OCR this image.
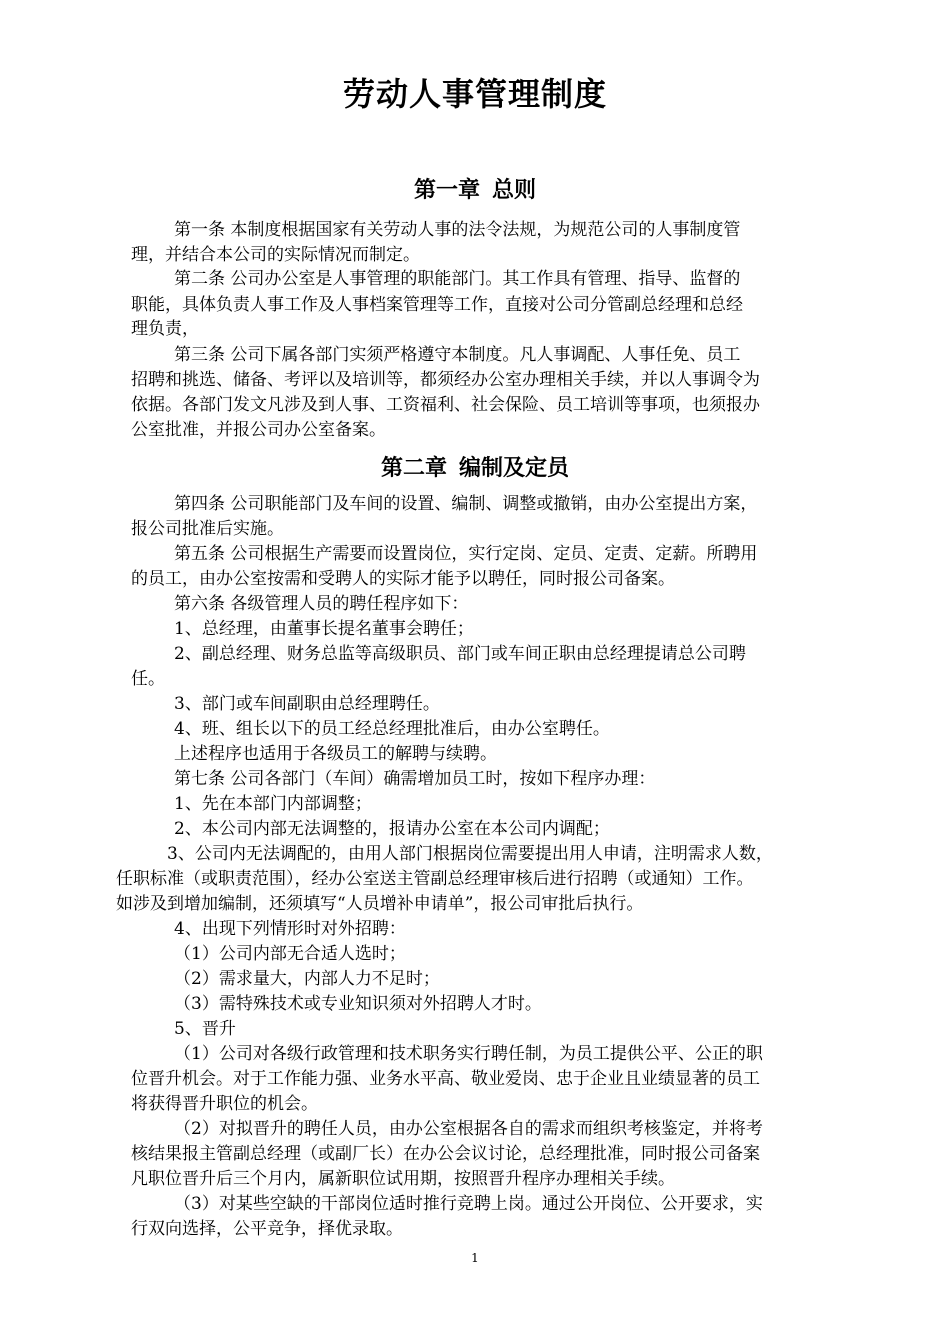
劳动人事管理制度
第一章 总则
第一条 本制度根据国家有关劳动人事的法令法规，为规范公司的人事制度管
理，并结合本公司的实际情况而制定。
第二条 公司办公室是人事管理的职能部门。其工作具有管理、指导、监督的
职能，具体负责人事工作及人事档案管理等工作，直接对公司分管副总经理和总经
理负责，
第三条 公司下属各部门实须严格遵守本制度。凡人事调配、人事任免、员工
招聘和挑选、储备、考评以及培训等，都须经办公室办理相关手续，并以人事调令为
依据。各部门发文凡涉及到人事、工资福利、社会保险、员工培训等事项，也须报办
公室批准，并报公司办公室备案。
第二章 编制及定员
第四条 公司职能部门及车间的设置、编制、调整或撤销，由办公室提出方案，
报公司批准后实施。
第五条 公司根据生产需要而设置岗位，实行定岗、定员、定责、定薪。所聘用
的员工，由办公室按需和受聘人的实际才能予以聘任，同时报公司备案。
第六条 各级管理人员的聘任程序如下：
1、总经理，由董事长提名董事会聘任；
2、副总经理、财务总监等高级职员、部门或车间正职由总经理提请总公司聘
任。
3、部门或车间副职由总经理聘任。
4、班、组长以下的员工经总经理批准后，由办公室聘任。
上述程序也适用于各级员工的解聘与续聘。
第七条 公司各部门（车间）确需增加员工时，按如下程序办理：
1、先在本部门内部调整；
2、本公司内部无法调整的，报请办公室在本公司内调配；
3、公司内无法调配的，由用人部门根据岗位需要提出用人申请，注明需求人数，
任职标准（或职责范围），经办公室送主管副总经理审核后进行招聘（或通知）工作。
如涉及到增加编制，还须填写“人员增补申请单”，报公司审批后执行。
4、出现下列情形时对外招聘：
（1）公司内部无合适人选时；
（2）需求量大，内部人力不足时；
（3）需特殊技术或专业知识须对外招聘人才时。
5、晋升
（1）公司对各级行政管理和技术职务实行聘任制，为员工提供公平、公正的职
位晋升机会。对于工作能力强、业务水平高、敬业爱岗、忠于企业且业绩显著的员工
将获得晋升职位的机会。
（2）对拟晋升的聘任人员，由办公室根据各自的需求而组织考核鉴定，并将考
核结果报主管副总经理（或副厂长）在办公会议讨论，总经理批准，同时报公司备案
凡职位晋升后三个月内，属新职位试用期，按照晋升程序办理相关手续。
（3）对某些空缺的干部岗位适时推行竞聘上岗。通过公开岗位、公开要求，实
行双向选择，公平竞争，择优录取。
1
